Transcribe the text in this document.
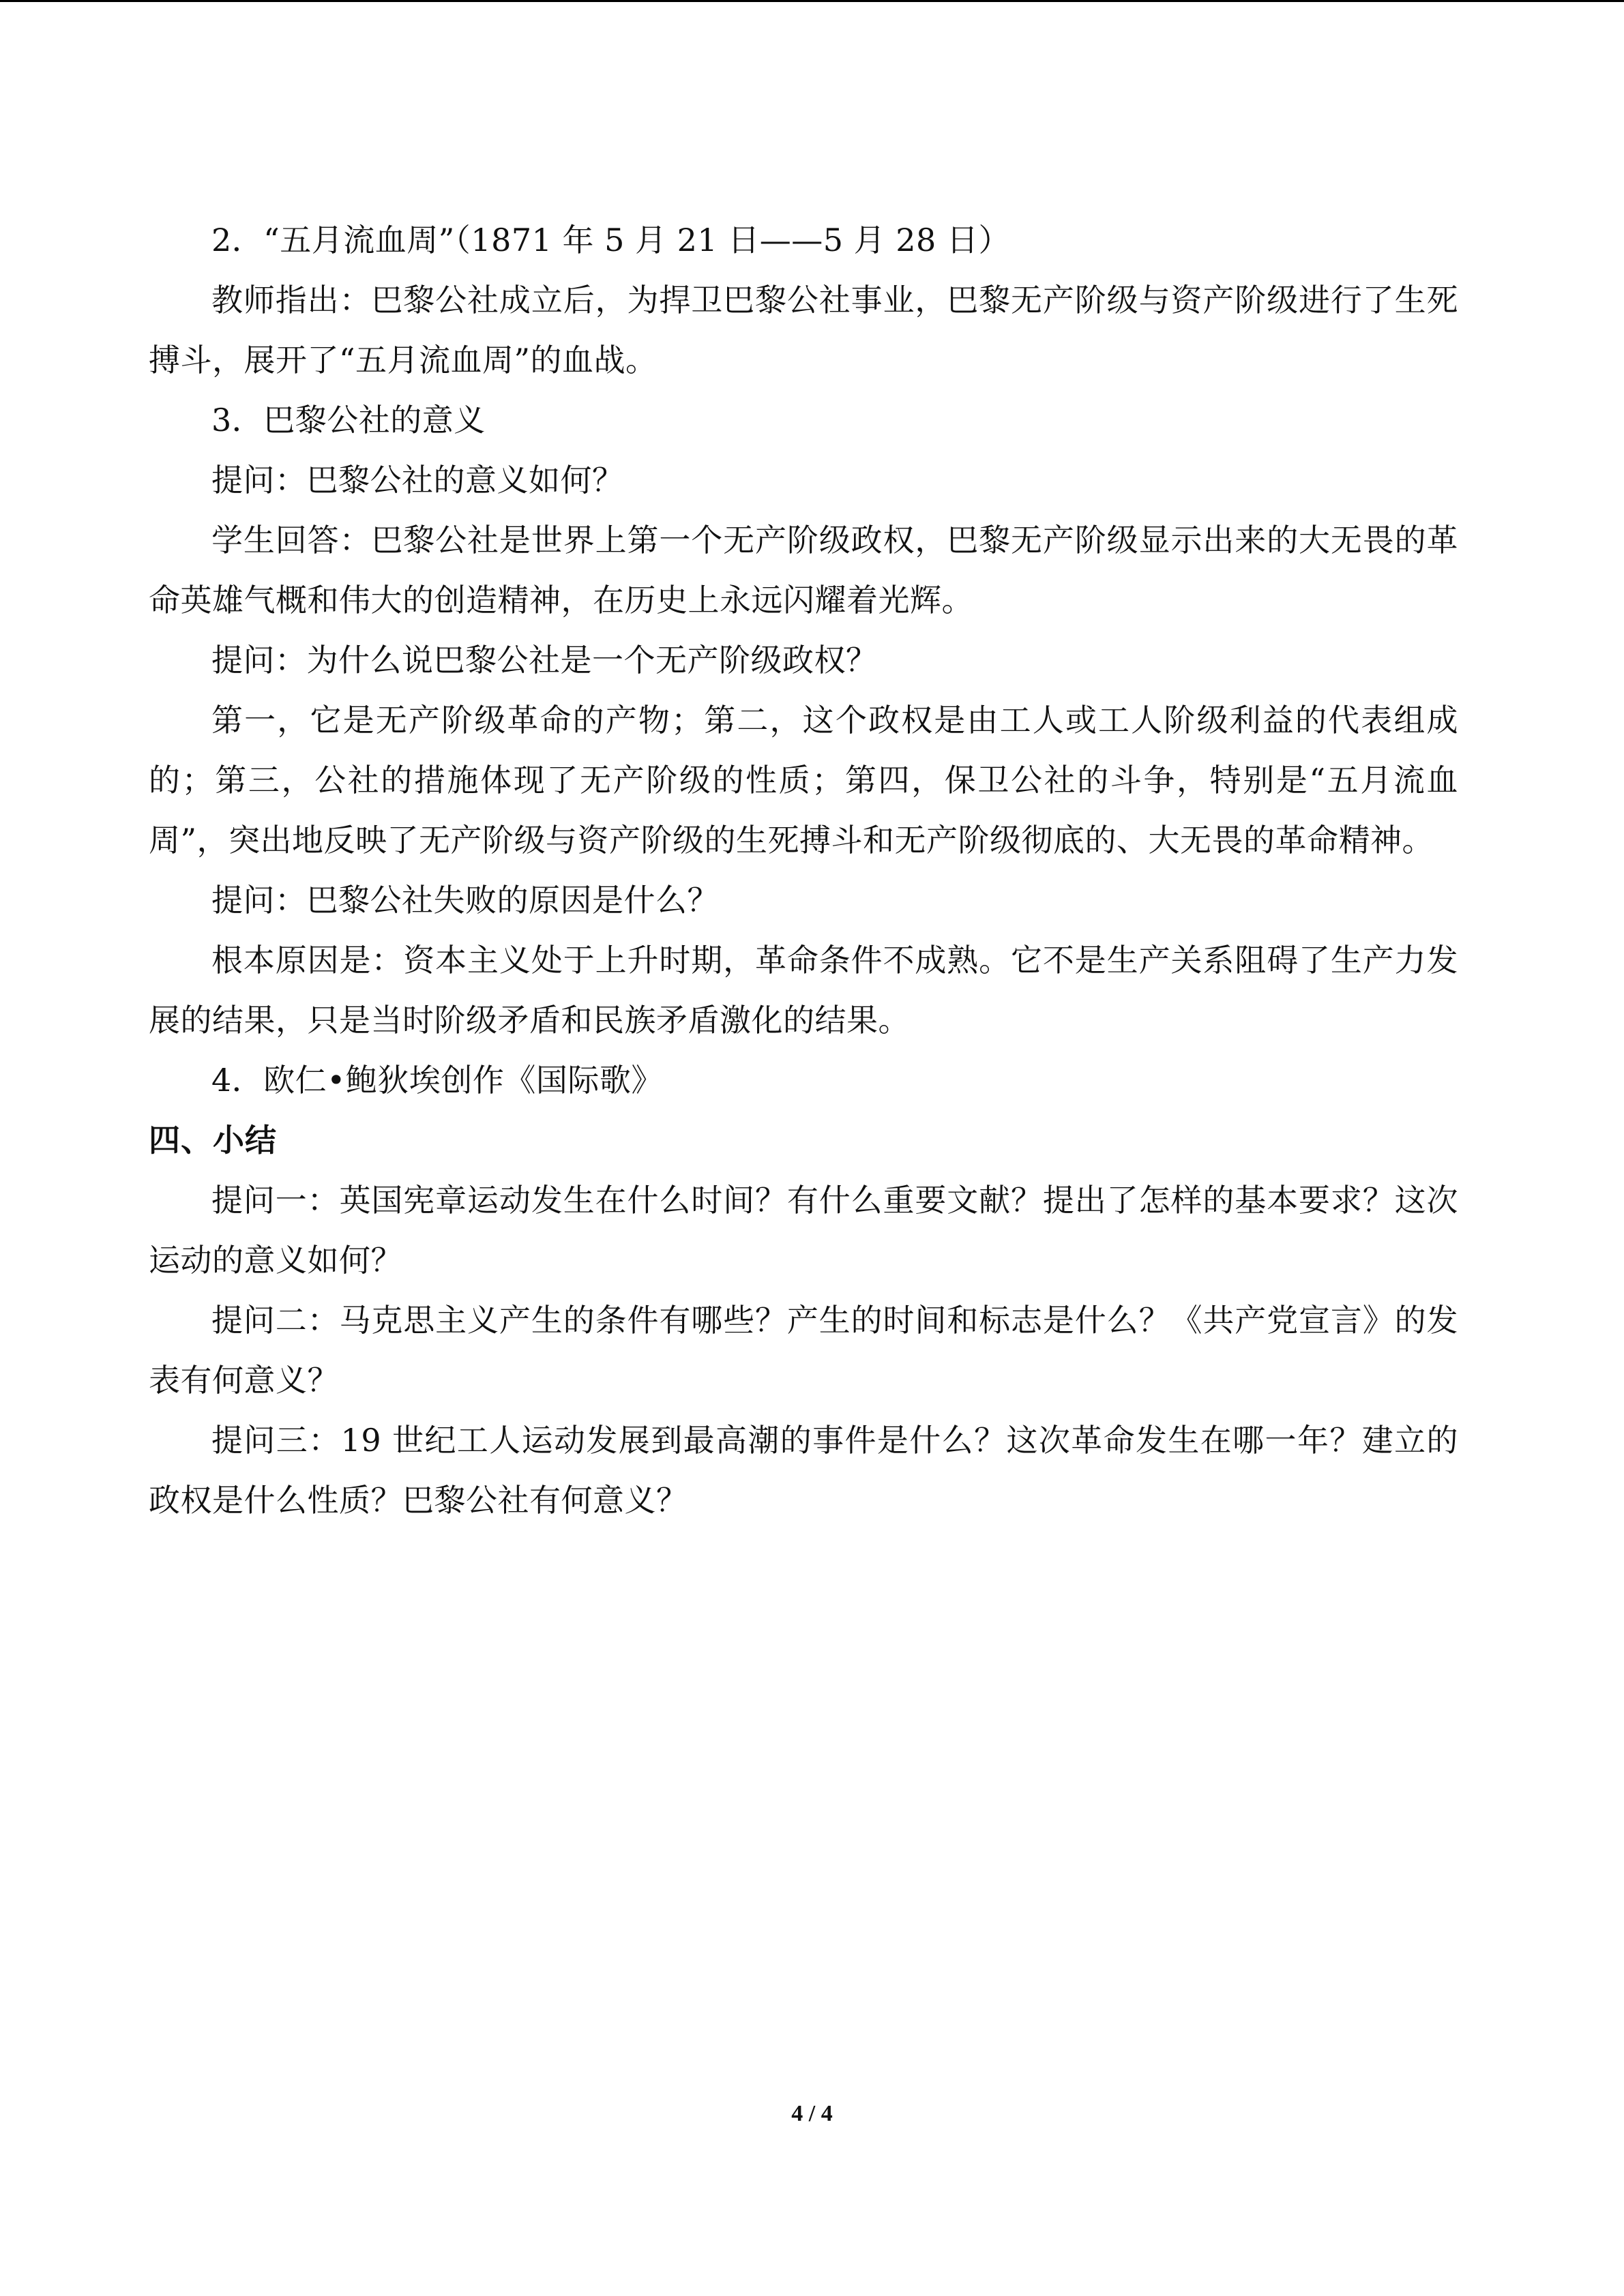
2．“五月流血周”（1871 年 5 月 21 日——5 月 28 日）

教师指出：巴黎公社成立后，为捍卫巴黎公社事业，巴黎无产阶级与资产阶级进行了生死搏斗，展开了“五月流血周”的血战。

3．巴黎公社的意义

提问：巴黎公社的意义如何？

学生回答：巴黎公社是世界上第一个无产阶级政权，巴黎无产阶级显示出来的大无畏的革命英雄气概和伟大的创造精神，在历史上永远闪耀着光辉。

提问：为什么说巴黎公社是一个无产阶级政权？

第一，它是无产阶级革命的产物；第二，这个政权是由工人或工人阶级利益的代表组成的；第三，公社的措施体现了无产阶级的性质；第四，保卫公社的斗争，特别是“五月流血周”，突出地反映了无产阶级与资产阶级的生死搏斗和无产阶级彻底的、大无畏的革命精神。

提问：巴黎公社失败的原因是什么？

根本原因是：资本主义处于上升时期，革命条件不成熟。它不是生产关系阻碍了生产力发展的结果，只是当时阶级矛盾和民族矛盾激化的结果。

4．欧仁•鲍狄埃创作《国际歌》

四、小结

提问一：英国宪章运动发生在什么时间？有什么重要文献？提出了怎样的基本要求？这次运动的意义如何？

提问二：马克思主义产生的条件有哪些？产生的时间和标志是什么？《共产党宣言》的发表有何意义？

提问三：19 世纪工人运动发展到最高潮的事件是什么？这次革命发生在哪一年？建立的政权是什么性质？巴黎公社有何意义？

4 / 4
